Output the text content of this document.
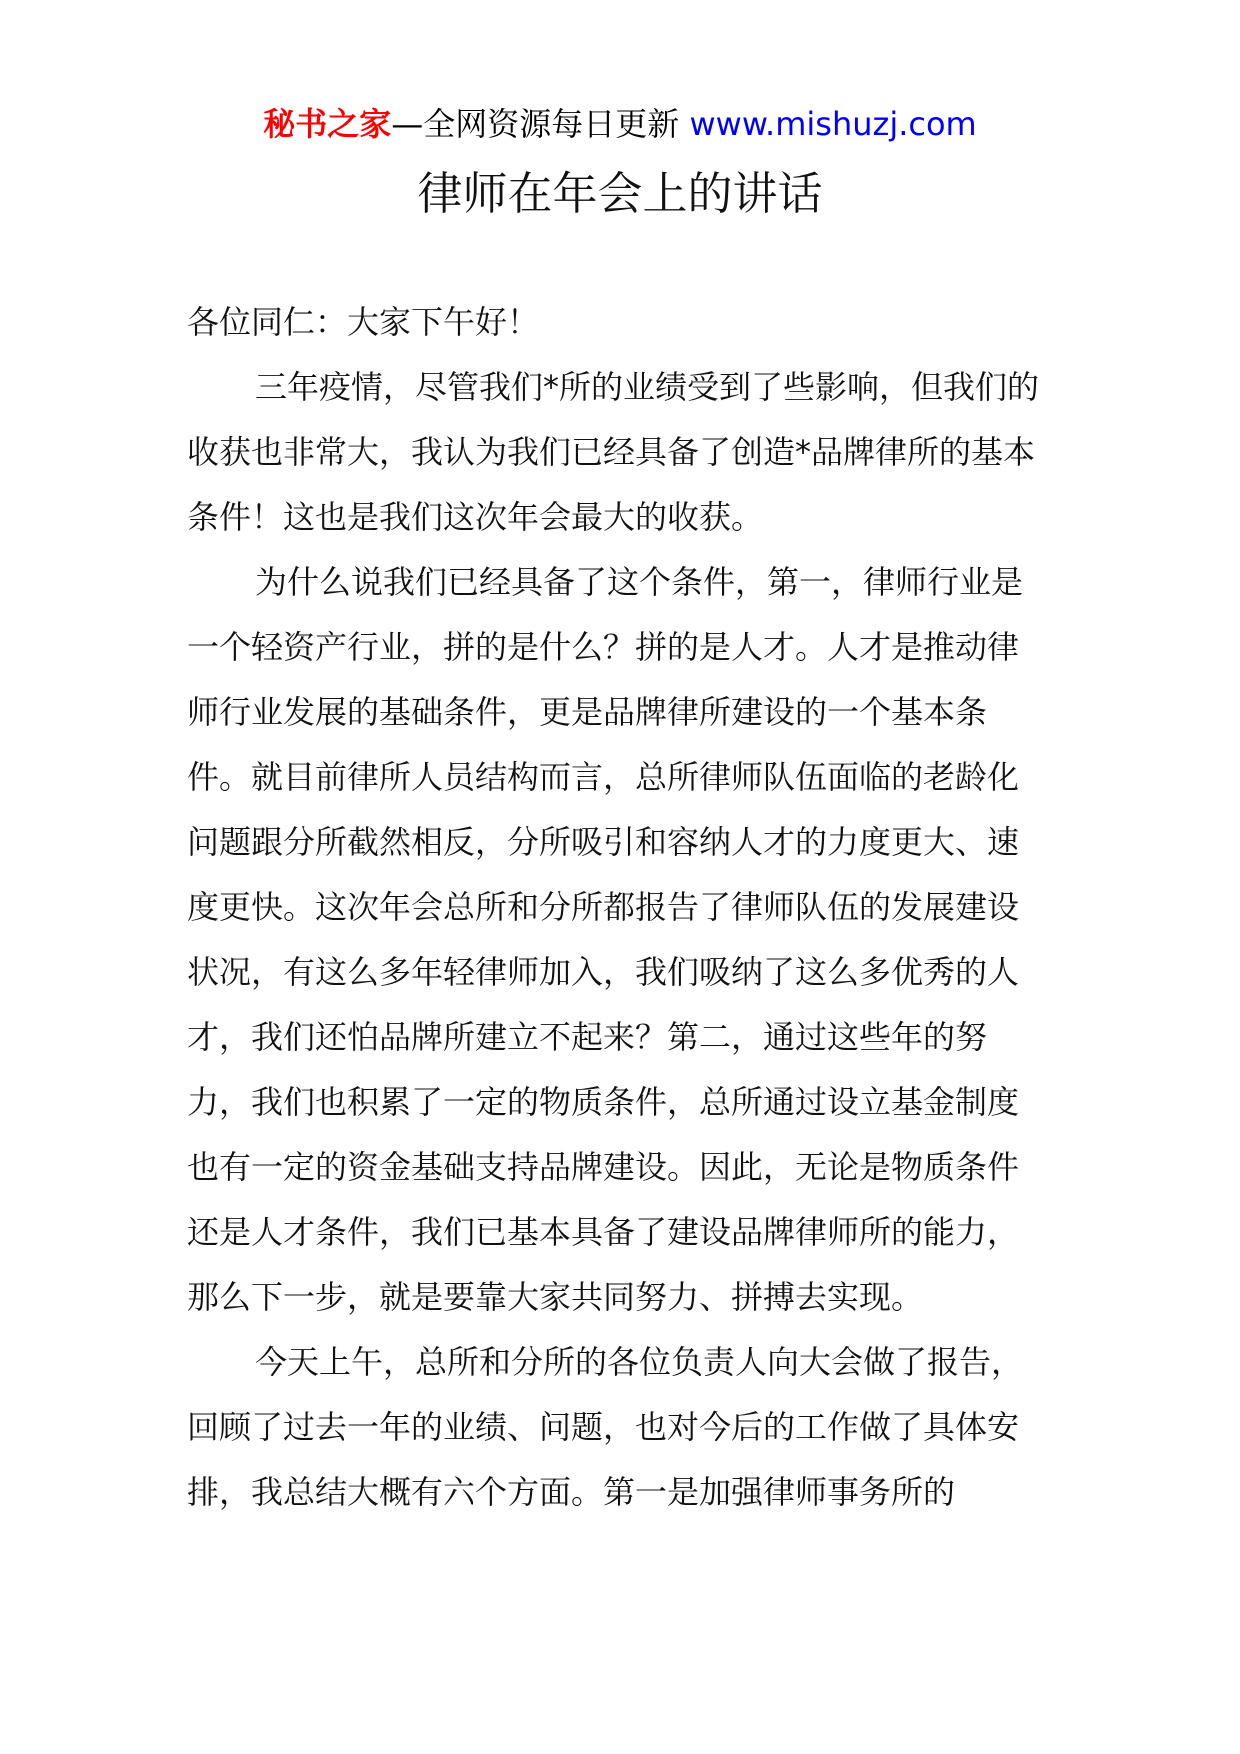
秘书之家—全网资源每日更新 www.mishuzj.com
律师在年会上的讲话

各位同仁：大家下午好！

三年疫情，尽管我们*所的业绩受到了些影响，但我们的收获也非常大，我认为我们已经具备了创造*品牌律所的基本条件！这也是我们这次年会最大的收获。

为什么说我们已经具备了这个条件，第一，律师行业是一个轻资产行业，拼的是什么？拼的是人才。人才是推动律师行业发展的基础条件，更是品牌律所建设的一个基本条件。就目前律所人员结构而言，总所律师队伍面临的老龄化问题跟分所截然相反，分所吸引和容纳人才的力度更大、速度更快。这次年会总所和分所都报告了律师队伍的发展建设状况，有这么多年轻律师加入，我们吸纳了这么多优秀的人才，我们还怕品牌所建立不起来？第二，通过这些年的努力，我们也积累了一定的物质条件，总所通过设立基金制度也有一定的资金基础支持品牌建设。因此，无论是物质条件还是人才条件，我们已基本具备了建设品牌律师所的能力，那么下一步，就是要靠大家共同努力、拼搏去实现。

今天上午，总所和分所的各位负责人向大会做了报告，回顾了过去一年的业绩、问题，也对今后的工作做了具体安排，我总结大概有六个方面。第一是加强律师事务所的
